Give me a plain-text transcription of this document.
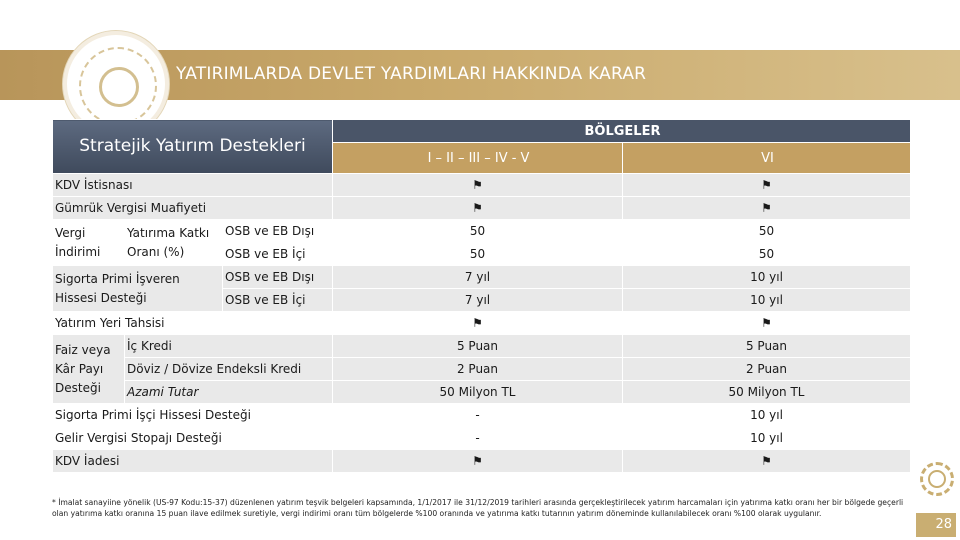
YATIRIMLARDA DEVLET YARDIMLARI HAKKINDA KARAR
Stratejik Yatırım Destekleri			BÖLGELER	
			I – II – III – IV - V	VI
KDV İstisnası			⚑	⚑
Gümrük Vergisi Muafiyeti			⚑	⚑
Vergi İndirimi	Yatırıma Katkı Oranı (%)	OSB ve EB Dışı	50	50
		OSB ve EB İçi	50	50
Sigorta Primi İşveren Hissesi Desteği		OSB ve EB Dışı	7 yıl	10 yıl
		OSB ve EB İçi	7 yıl	10 yıl
Yatırım Yeri Tahsisi			⚑	⚑
Faiz veya Kâr Payı Desteği	İç Kredi		5 Puan	5 Puan
	Döviz / Dövize Endeksli Kredi		2 Puan	2 Puan
	Azami Tutar		50 Milyon TL	50 Milyon TL
Sigorta Primi İşçi Hissesi Desteği			-	10 yıl
Gelir Vergisi Stopajı Desteği			-	10 yıl
KDV İadesi			⚑	⚑
* İmalat sanayiine yönelik (US-97 Kodu:15-37) düzenlenen yatırım teşvik belgeleri kapsamında, 1/1/2017 ile 31/12/2019 tarihleri arasında gerçekleştirilecek yatırım harcamaları için yatırıma katkı oranı her bir bölgede geçerli olan yatırıma katkı oranına 15 puan ilave edilmek suretiyle, vergi indirimi oranı tüm bölgelerde %100 oranında ve yatırıma katkı tutarının yatırım döneminde kullanılabilecek oranı %100 olarak uygulanır.
28
